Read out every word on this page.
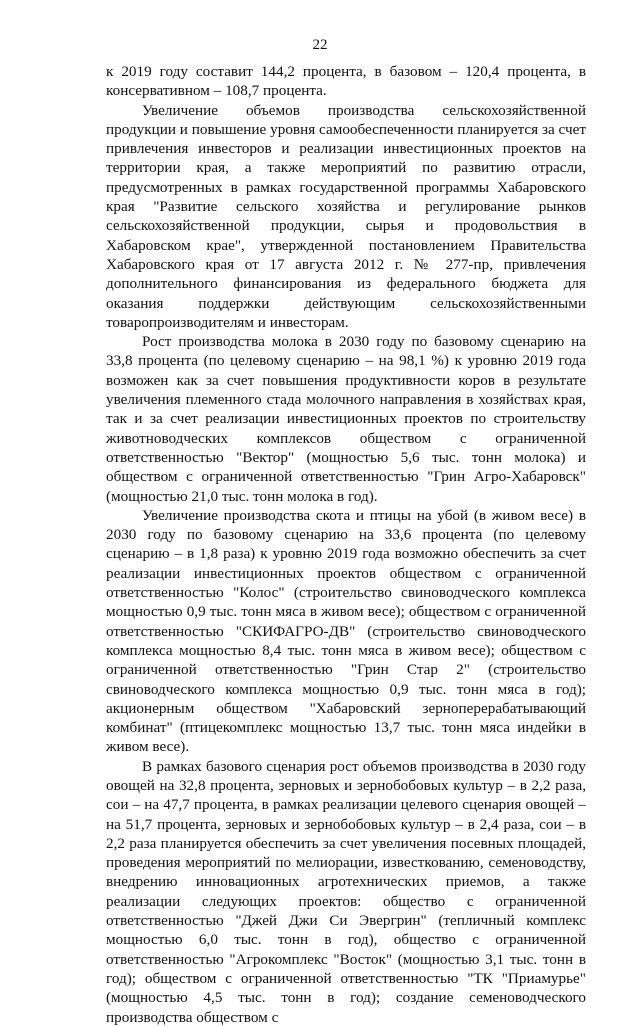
22

к 2019 году составит 144,2 процента, в базовом – 120,4 процента, в консервативном – 108,7 процента.

Увеличение объемов производства сельскохозяйственной продукции и повышение уровня самообеспеченности планируется за счет привлечения инвесторов и реализации инвестиционных проектов на территории края, а также мероприятий по развитию отрасли, предусмотренных в рамках государственной программы Хабаровского края "Развитие сельского хозяйства и регулирование рынков сельскохозяйственной продукции, сырья и продовольствия в Хабаровском крае", утвержденной постановлением Правительства Хабаровского края от 17 августа 2012 г. № 277-пр, привлечения дополнительного финансирования из федерального бюджета для оказания поддержки действующим сельскохозяйственными товаропроизводителям и инвесторам.

Рост производства молока в 2030 году по базовому сценарию на 33,8 процента (по целевому сценарию – на 98,1 %) к уровню 2019 года возможен как за счет повышения продуктивности коров в результате увеличения племенного стада молочного направления в хозяйствах края, так и за счет реализации инвестиционных проектов по строительству животноводческих комплексов обществом с ограниченной ответственностью "Вектор" (мощностью 5,6 тыс. тонн молока) и обществом с ограниченной ответственностью "Грин Агро-Хабаровск" (мощностью 21,0 тыс. тонн молока в год).

Увеличение производства скота и птицы на убой (в живом весе) в 2030 году по базовому сценарию на 33,6 процента (по целевому сценарию – в 1,8 раза) к уровню 2019 года возможно обеспечить за счет реализации инвестиционных проектов обществом с ограниченной ответственностью "Колос" (строительство свиноводческого комплекса мощностью 0,9 тыс. тонн мяса в живом весе); обществом с ограниченной ответственностью "СКИФАГРО-ДВ" (строительство свиноводческого комплекса мощностью 8,4 тыс. тонн мяса в живом весе); обществом с ограниченной ответственностью "Грин Стар 2" (строительство свиноводческого комплекса мощностью 0,9 тыс. тонн мяса в год); акционерным обществом "Хабаровский зерноперерабатывающий комбинат" (птицекомплекс мощностью 13,7 тыс. тонн мяса индейки в живом весе).

В рамках базового сценария рост объемов производства в 2030 году овощей на 32,8 процента, зерновых и зернобобовых культур – в 2,2 раза, сои – на 47,7 процента, в рамках реализации целевого сценария овощей – на 51,7 процента, зерновых и зернобобовых культур – в 2,4 раза, сои – в 2,2 раза планируется обеспечить за счет увеличения посевных площадей, проведения мероприятий по мелиорации, известкованию, семеноводству, внедрению инновационных агротехнических приемов, а также реализации следующих проектов: общество с ограниченной ответственностью "Джей Джи Си Эвергрин" (тепличный комплекс мощностью 6,0 тыс. тонн в год), общество с ограниченной ответственностью "Агрокомплекс "Восток" (мощностью 3,1 тыс. тонн в год); обществом с ограниченной ответственностью "ТК "Приамурье" (мощностью 4,5 тыс. тонн в год); создание семеноводческого производства обществом с
